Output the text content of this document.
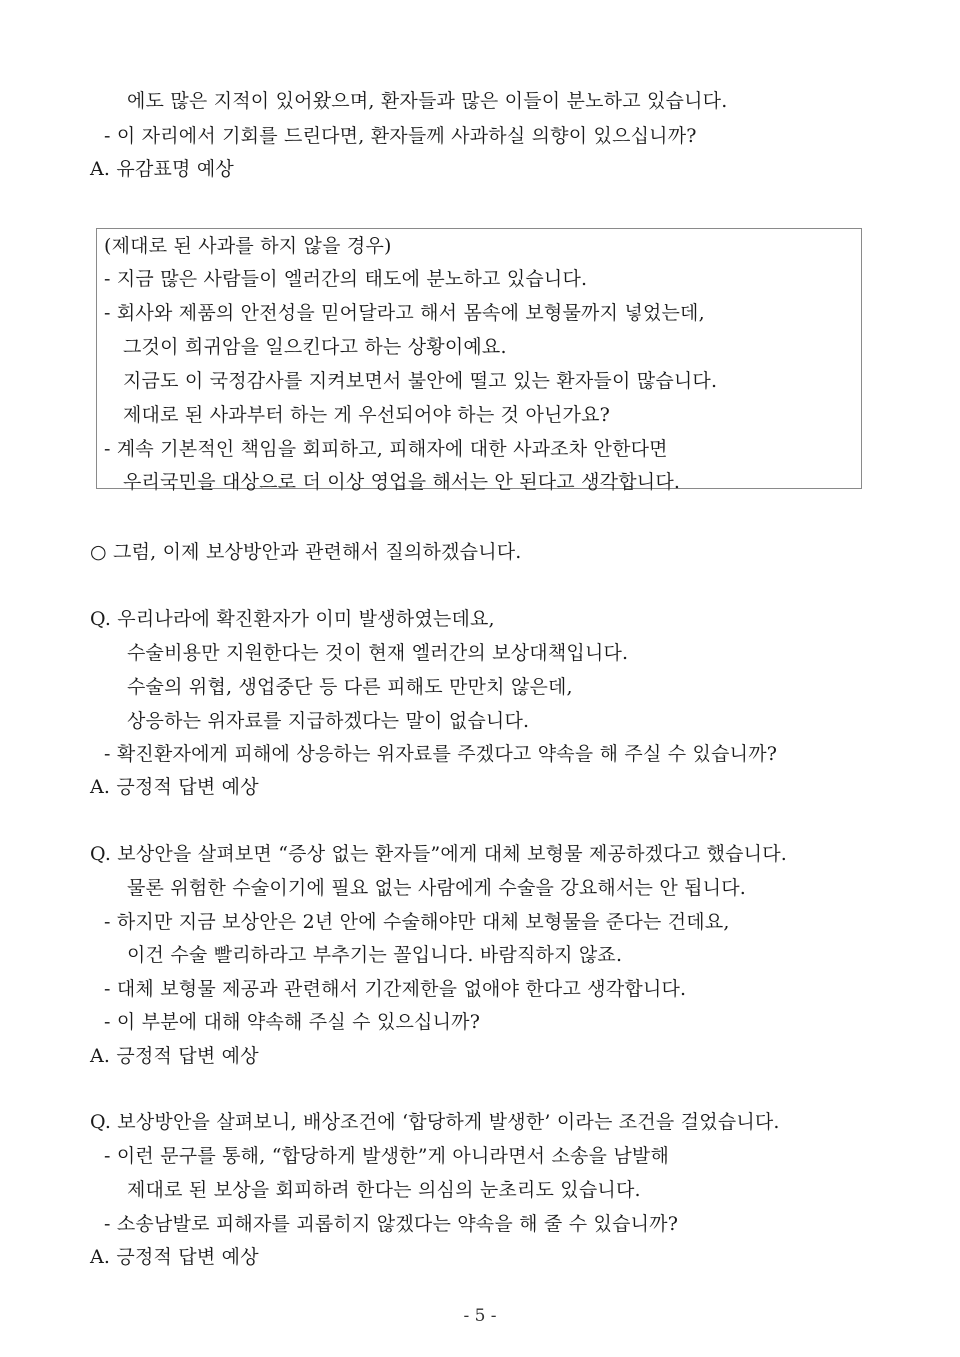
에도 많은 지적이 있어왔으며, 환자들과 많은 이들이 분노하고 있습니다.
- 이 자리에서 기회를 드린다면, 환자들께 사과하실 의향이 있으십니까?
A. 유감표명 예상
(제대로 된 사과를 하지 않을 경우)
- 지금 많은 사람들이 엘러간의 태도에 분노하고 있습니다.
- 회사와 제품의 안전성을 믿어달라고 해서 몸속에 보형물까지 넣었는데,
그것이 희귀암을 일으킨다고 하는 상황이예요.
지금도 이 국정감사를 지켜보면서 불안에 떨고 있는 환자들이 많습니다.
제대로 된 사과부터 하는 게 우선되어야 하는 것 아닌가요?
- 계속 기본적인 책임을 회피하고, 피해자에 대한 사과조차 안한다면
우리국민을 대상으로 더 이상 영업을 해서는 안 된다고 생각합니다.
○ 그럼, 이제 보상방안과 관련해서 질의하겠습니다.
Q. 우리나라에 확진환자가 이미 발생하였는데요,
수술비용만 지원한다는 것이 현재 엘러간의 보상대책입니다.
수술의 위협, 생업중단 등 다른 피해도 만만치 않은데,
상응하는 위자료를 지급하겠다는 말이 없습니다.
- 확진환자에게 피해에 상응하는 위자료를 주겠다고 약속을 해 주실 수 있습니까?
A. 긍정적 답변 예상
Q. 보상안을 살펴보면 “증상 없는 환자들”에게 대체 보형물 제공하겠다고 했습니다.
물론 위험한 수술이기에 필요 없는 사람에게 수술을 강요해서는 안 됩니다.
- 하지만 지금 보상안은 2년 안에 수술해야만 대체 보형물을 준다는 건데요,
이건 수술 빨리하라고 부추기는 꼴입니다. 바람직하지 않죠.
- 대체 보형물 제공과 관련해서 기간제한을 없애야 한다고 생각합니다.
- 이 부분에 대해 약속해 주실 수 있으십니까?
A. 긍정적 답변 예상
Q. 보상방안을 살펴보니, 배상조건에 ‘합당하게 발생한’ 이라는 조건을 걸었습니다.
- 이런 문구를 통해, “합당하게 발생한”게 아니라면서 소송을 남발해
제대로 된 보상을 회피하려 한다는 의심의 눈초리도 있습니다.
- 소송남발로 피해자를 괴롭히지 않겠다는 약속을 해 줄 수 있습니까?
A. 긍정적 답변 예상
- 5 -
